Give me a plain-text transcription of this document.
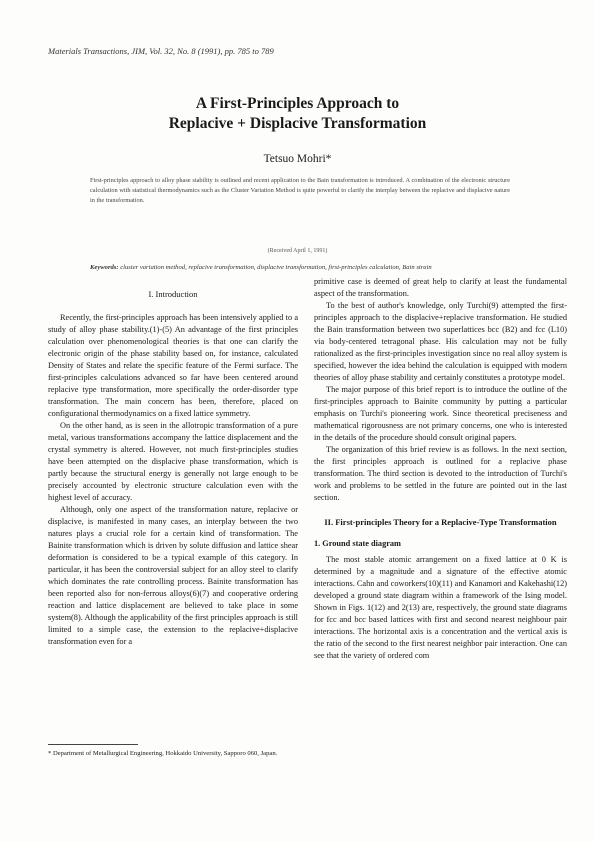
Materials Transactions, JIM, Vol. 32, No. 8 (1991), pp. 785 to 789
A First-Principles Approach to
Replacive + Displacive Transformation
Tetsuo Mohri*
First-principles approach to alloy phase stability is outlined and recent application to the Bain transformation is introduced. A combination of the electronic structure calculation with statistical thermodynamics such as the Cluster Variation Method is quite powerful to clarify the interplay between the replacive and displacive nature in the transformation.
(Received April 1, 1991)
Keywords: cluster variation method, replacive transformation, displacive transformation, first-principles calculation, Bain strain
I. Introduction

Recently, the first-principles approach has been intensively applied to a study of alloy phase stability.(1)-(5) An advantage of the first principles calculation over phenomenological theories is that one can clarify the electronic origin of the phase stability based on, for instance, calculated Density of States and relate the specific feature of the Fermi surface. The first-principles calculations advanced so far have been centered around replacive type transformation, more specifically the order-disorder type transformation. The main concern has been, therefore, placed on configurational thermodynamics on a fixed lattice symmetry.

On the other hand, as is seen in the allotropic transformation of a pure metal, various transformations accompany the lattice displacement and the crystal symmetry is altered. However, not much first-principles studies have been attempted on the displacive phase transformation, which is partly because the structural energy is generally not large enough to be precisely accounted by electronic structure calculation even with the highest level of accuracy.

Although, only one aspect of the transformation nature, replacive or displacive, is manifested in many cases, an interplay between the two natures plays a crucial role for a certain kind of transformation. The Bainite transformation which is driven by solute diffusion and lattice shear deformation is considered to be a typical example of this category. In particular, it has been the controversial subject for an alloy steel to clarify which dominates the rate controlling process. Bainite transformation has been reported also for non-ferrous alloys(6)(7) and cooperative ordering reaction and lattice displacement are believed to take place in some system(8). Although the applicability of the first principles approach is still limited to a simple case, the extension to the replacive+displacive transformation even for a

primitive case is deemed of great help to clarify at least the fundamental aspect of the transformation.

To the best of author's knowledge, only Turchi(9) attempted the first-principles approach to the displacive+replacive transformation. He studied the Bain transformation between two superlattices bcc (B2) and fcc (L10) via body-centered tetragonal phase. His calculation may not be fully rationalized as the first-principles investigation since no real alloy system is specified, however the idea behind the calculation is equipped with modern theories of alloy phase stability and certainly constitutes a prototype model.

The major purpose of this brief report is to introduce the outline of the first-principles approach to Bainite community by putting a particular emphasis on Turchi's pioneering work. Since theoretical preciseness and mathematical rigorousness are not primary concerns, one who is interested in the details of the procedure should consult original papers.

The organization of this brief review is as follows. In the next section, the first principles approach is outlined for a replacive phase transformation. The third section is devoted to the introduction of Turchi's work and problems to be settled in the future are pointed out in the last section.

II. First-principles Theory for a Replacive-Type Transformation
1. Ground state diagram

The most stable atomic arrangement on a fixed lattice at 0 K is determined by a magnitude and a signature of the effective atomic interactions. Cahn and coworkers(10)(11) and Kanamori and Kakehashi(12) developed a ground state diagram within a framework of the Ising model. Shown in Figs. 1(12) and 2(13) are, respectively, the ground state diagrams for fcc and bcc based lattices with first and second nearest neighbour pair interactions. The horizontal axis is a concentration and the vertical axis is the ratio of the second to the first nearest neighbor pair interaction. One can see that the variety of ordered com

* Department of Metallurgical Engineering, Hokkaido University, Sapporo 060, Japan.
